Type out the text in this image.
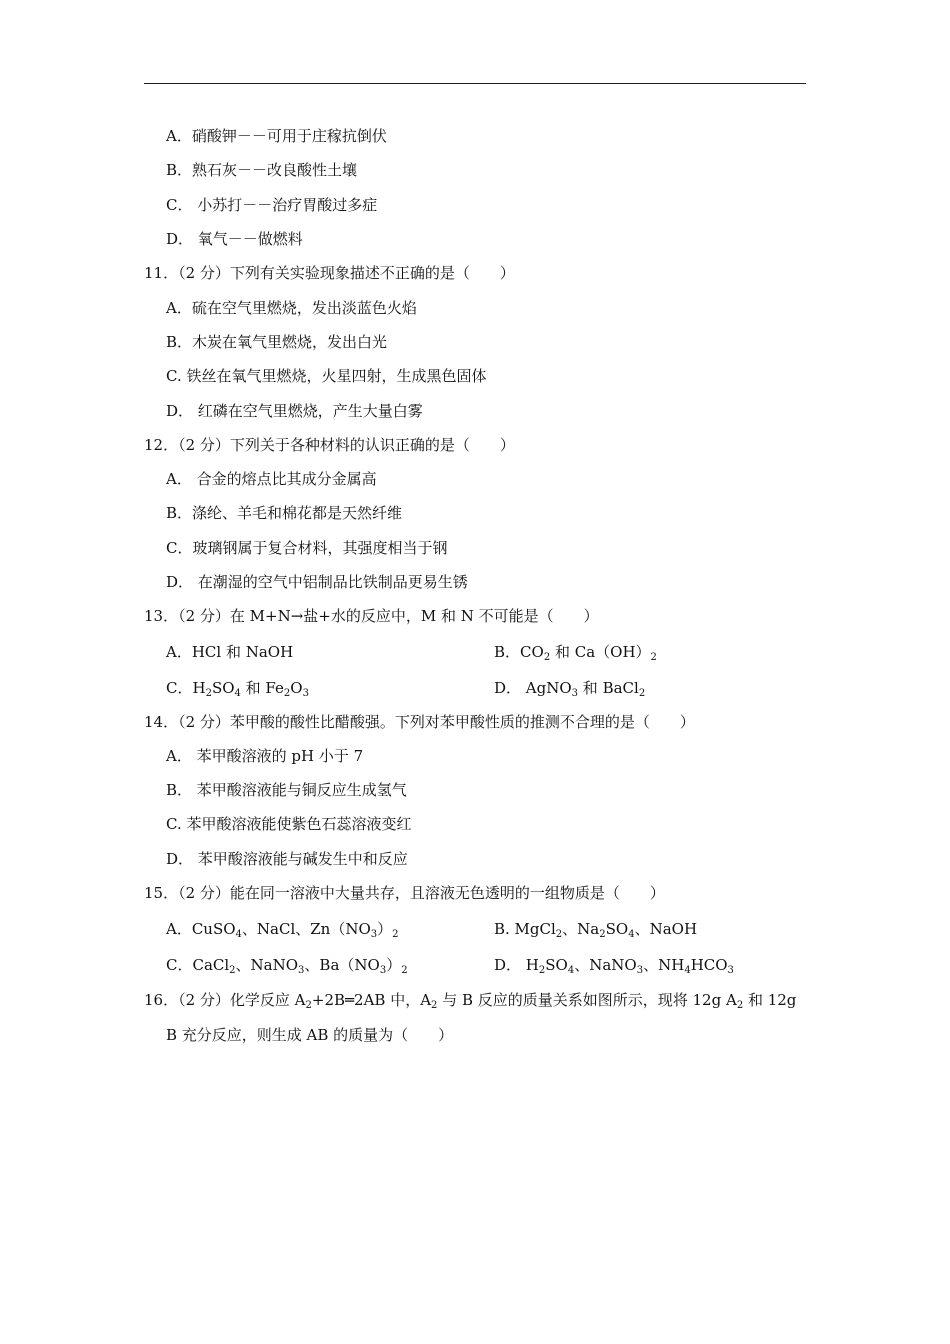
A．硝酸钾－－可用于庄稼抗倒伏
B．熟石灰－－改良酸性土壤
C． 小苏打－－治疗胃酸过多症
D． 氧气－－做燃料
11．（2 分）下列有关实验现象描述不正确的是（　　）
A．硫在空气里燃烧，发出淡蓝色火焰
B．木炭在氧气里燃烧，发出白光
C. 铁丝在氧气里燃烧，火星四射，生成黑色固体
D． 红磷在空气里燃烧，产生大量白雾
12．（2 分）下列关于各种材料的认识正确的是（　　）
A． 合金的熔点比其成分金属高
B．涤纶、羊毛和棉花都是天然纤维
C．玻璃钢属于复合材料，其强度相当于钢
D． 在潮湿的空气中铝制品比铁制品更易生锈
13．（2 分）在 M+N→盐+水的反应中，M 和 N 不可能是（　　）
A．HCl 和 NaOH	B．$CO_2$ 和 $Ca(OH)_2$
C．$H_2SO_4$ 和 $Fe_2O_3$	D． AgNO$_3$ 和 BaCl$_2$
14．（2 分）苯甲酸的酸性比醋酸强。下列对苯甲酸性质的推测不合理的是（　　）
A． 苯甲酸溶液的 pH 小于 7
B． 苯甲酸溶液能与铜反应生成氢气
C. 苯甲酸溶液能使紫色石蕊溶液变红
D． 苯甲酸溶液能与碱发生中和反应
15．（2 分）能在同一溶液中大量共存，且溶液无色透明的一组物质是（　　）
A．CuSO$_4$、NaCl、$Zn(NO_3)_2$	B. MgCl$_2$、$Na_2SO_4$、NaOH
C．CaCl$_2$、NaNO$_3$、$Ba(NO_3)_2$	D． $H_2SO_4$、NaNO$_3$、$NH_4HCO_3$
16．（2 分）化学反应 $A_2+2B═2AB$ 中，$A_2$ 与 B 反应的质量关系如图所示，现将 12g $A_2$ 和 12g
B 充分反应，则生成 AB 的质量为（　　）
